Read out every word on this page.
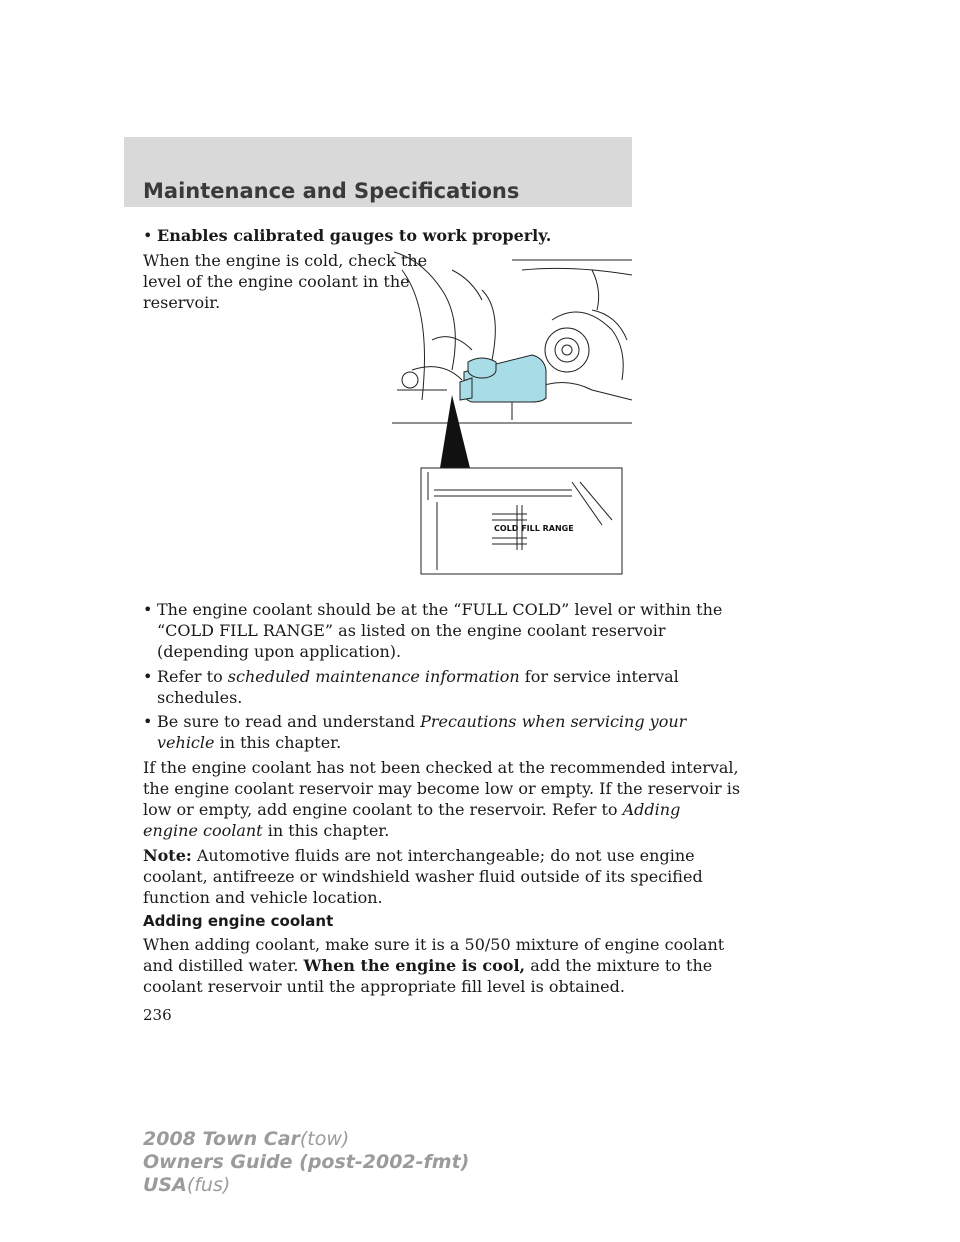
Maintenance and Specifications
• Enables calibrated gauges to work properly.
When the engine is cold, check the
level of the engine coolant in the
reservoir.
COLD FILL RANGE
• The engine coolant should be at the “FULL COLD” level or within the
“COLD FILL RANGE” as listed on the engine coolant reservoir
(depending upon application).
• Refer to scheduled maintenance information for service interval
schedules.
• Be sure to read and understand Precautions when servicing your
vehicle in this chapter.
If the engine coolant has not been checked at the recommended interval,
the engine coolant reservoir may become low or empty. If the reservoir is
low or empty, add engine coolant to the reservoir. Refer to Adding
engine coolant in this chapter.
Note: Automotive fluids are not interchangeable; do not use engine
coolant, antifreeze or windshield washer fluid outside of its specified
function and vehicle location.
Adding engine coolant
When adding coolant, make sure it is a 50/50 mixture of engine coolant
and distilled water. When the engine is cool, add the mixture to the
coolant reservoir until the appropriate fill level is obtained.
236
2008 Town Car(tow)
Owners Guide (post-2002-fmt)
USA(fus)
